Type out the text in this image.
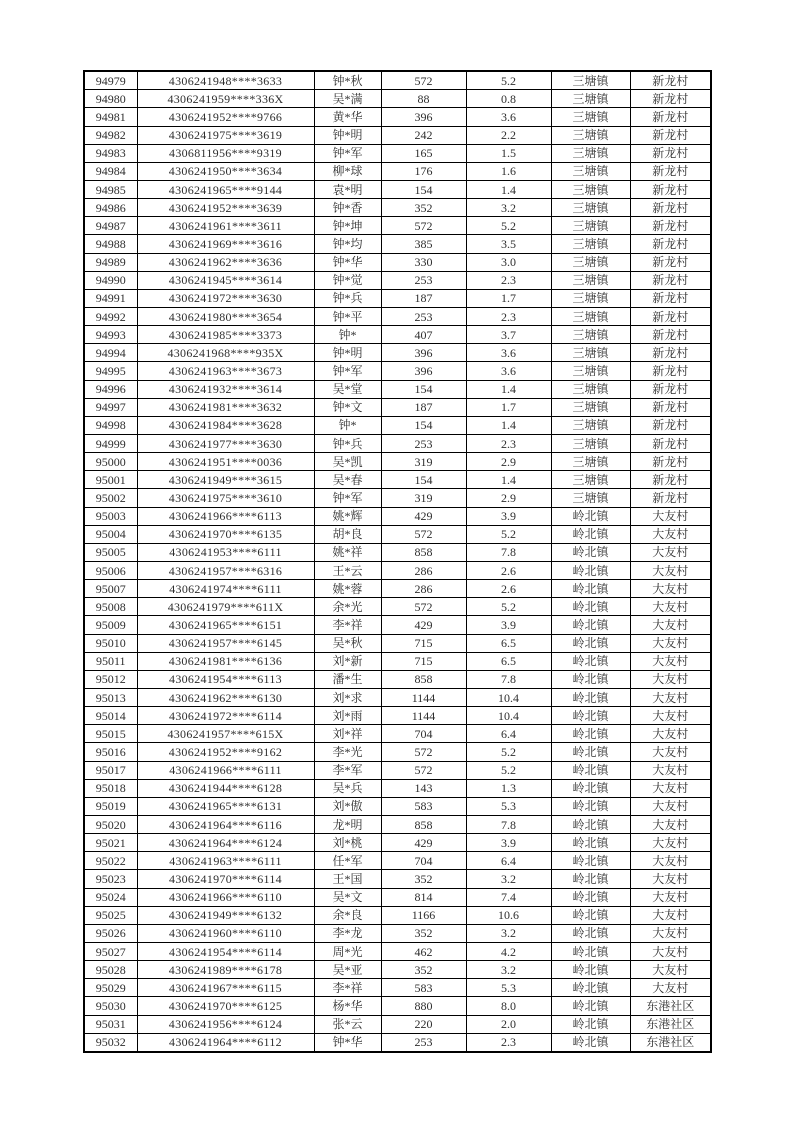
94979	4306241948****3633	钟*秋	572	5.2	三塘镇	新龙村
94980	4306241959****336X	吴*满	88	0.8	三塘镇	新龙村
94981	4306241952****9766	黄*华	396	3.6	三塘镇	新龙村
94982	4306241975****3619	钟*明	242	2.2	三塘镇	新龙村
94983	4306811956****9319	钟*军	165	1.5	三塘镇	新龙村
94984	4306241950****3634	柳*球	176	1.6	三塘镇	新龙村
94985	4306241965****9144	袁*明	154	1.4	三塘镇	新龙村
94986	4306241952****3639	钟*香	352	3.2	三塘镇	新龙村
94987	4306241961****3611	钟*坤	572	5.2	三塘镇	新龙村
94988	4306241969****3616	钟*均	385	3.5	三塘镇	新龙村
94989	4306241962****3636	钟*华	330	3.0	三塘镇	新龙村
94990	4306241945****3614	钟*觉	253	2.3	三塘镇	新龙村
94991	4306241972****3630	钟*兵	187	1.7	三塘镇	新龙村
94992	4306241980****3654	钟*平	253	2.3	三塘镇	新龙村
94993	4306241985****3373	钟*	407	3.7	三塘镇	新龙村
94994	4306241968****935X	钟*明	396	3.6	三塘镇	新龙村
94995	4306241963****3673	钟*军	396	3.6	三塘镇	新龙村
94996	4306241932****3614	吴*堂	154	1.4	三塘镇	新龙村
94997	4306241981****3632	钟*文	187	1.7	三塘镇	新龙村
94998	4306241984****3628	钟*	154	1.4	三塘镇	新龙村
94999	4306241977****3630	钟*兵	253	2.3	三塘镇	新龙村
95000	4306241951****0036	吴*凯	319	2.9	三塘镇	新龙村
95001	4306241949****3615	吴*春	154	1.4	三塘镇	新龙村
95002	4306241975****3610	钟*军	319	2.9	三塘镇	新龙村
95003	4306241966****6113	姚*辉	429	3.9	岭北镇	大友村
95004	4306241970****6135	胡*良	572	5.2	岭北镇	大友村
95005	4306241953****6111	姚*祥	858	7.8	岭北镇	大友村
95006	4306241957****6316	王*云	286	2.6	岭北镇	大友村
95007	4306241974****6111	姚*蓉	286	2.6	岭北镇	大友村
95008	4306241979****611X	余*光	572	5.2	岭北镇	大友村
95009	4306241965****6151	李*祥	429	3.9	岭北镇	大友村
95010	4306241957****6145	吴*秋	715	6.5	岭北镇	大友村
95011	4306241981****6136	刘*新	715	6.5	岭北镇	大友村
95012	4306241954****6113	潘*生	858	7.8	岭北镇	大友村
95013	4306241962****6130	刘*求	1144	10.4	岭北镇	大友村
95014	4306241972****6114	刘*雨	1144	10.4	岭北镇	大友村
95015	4306241957****615X	刘*祥	704	6.4	岭北镇	大友村
95016	4306241952****9162	李*光	572	5.2	岭北镇	大友村
95017	4306241966****6111	李*军	572	5.2	岭北镇	大友村
95018	4306241944****6128	吴*兵	143	1.3	岭北镇	大友村
95019	4306241965****6131	刘*傲	583	5.3	岭北镇	大友村
95020	4306241964****6116	龙*明	858	7.8	岭北镇	大友村
95021	4306241964****6124	刘*桃	429	3.9	岭北镇	大友村
95022	4306241963****6111	任*军	704	6.4	岭北镇	大友村
95023	4306241970****6114	王*国	352	3.2	岭北镇	大友村
95024	4306241966****6110	吴*文	814	7.4	岭北镇	大友村
95025	4306241949****6132	余*良	1166	10.6	岭北镇	大友村
95026	4306241960****6110	李*龙	352	3.2	岭北镇	大友村
95027	4306241954****6114	周*光	462	4.2	岭北镇	大友村
95028	4306241989****6178	吴*亚	352	3.2	岭北镇	大友村
95029	4306241967****6115	李*祥	583	5.3	岭北镇	大友村
95030	4306241970****6125	杨*华	880	8.0	岭北镇	东港社区
95031	4306241956****6124	张*云	220	2.0	岭北镇	东港社区
95032	4306241964****6112	钟*华	253	2.3	岭北镇	东港社区
